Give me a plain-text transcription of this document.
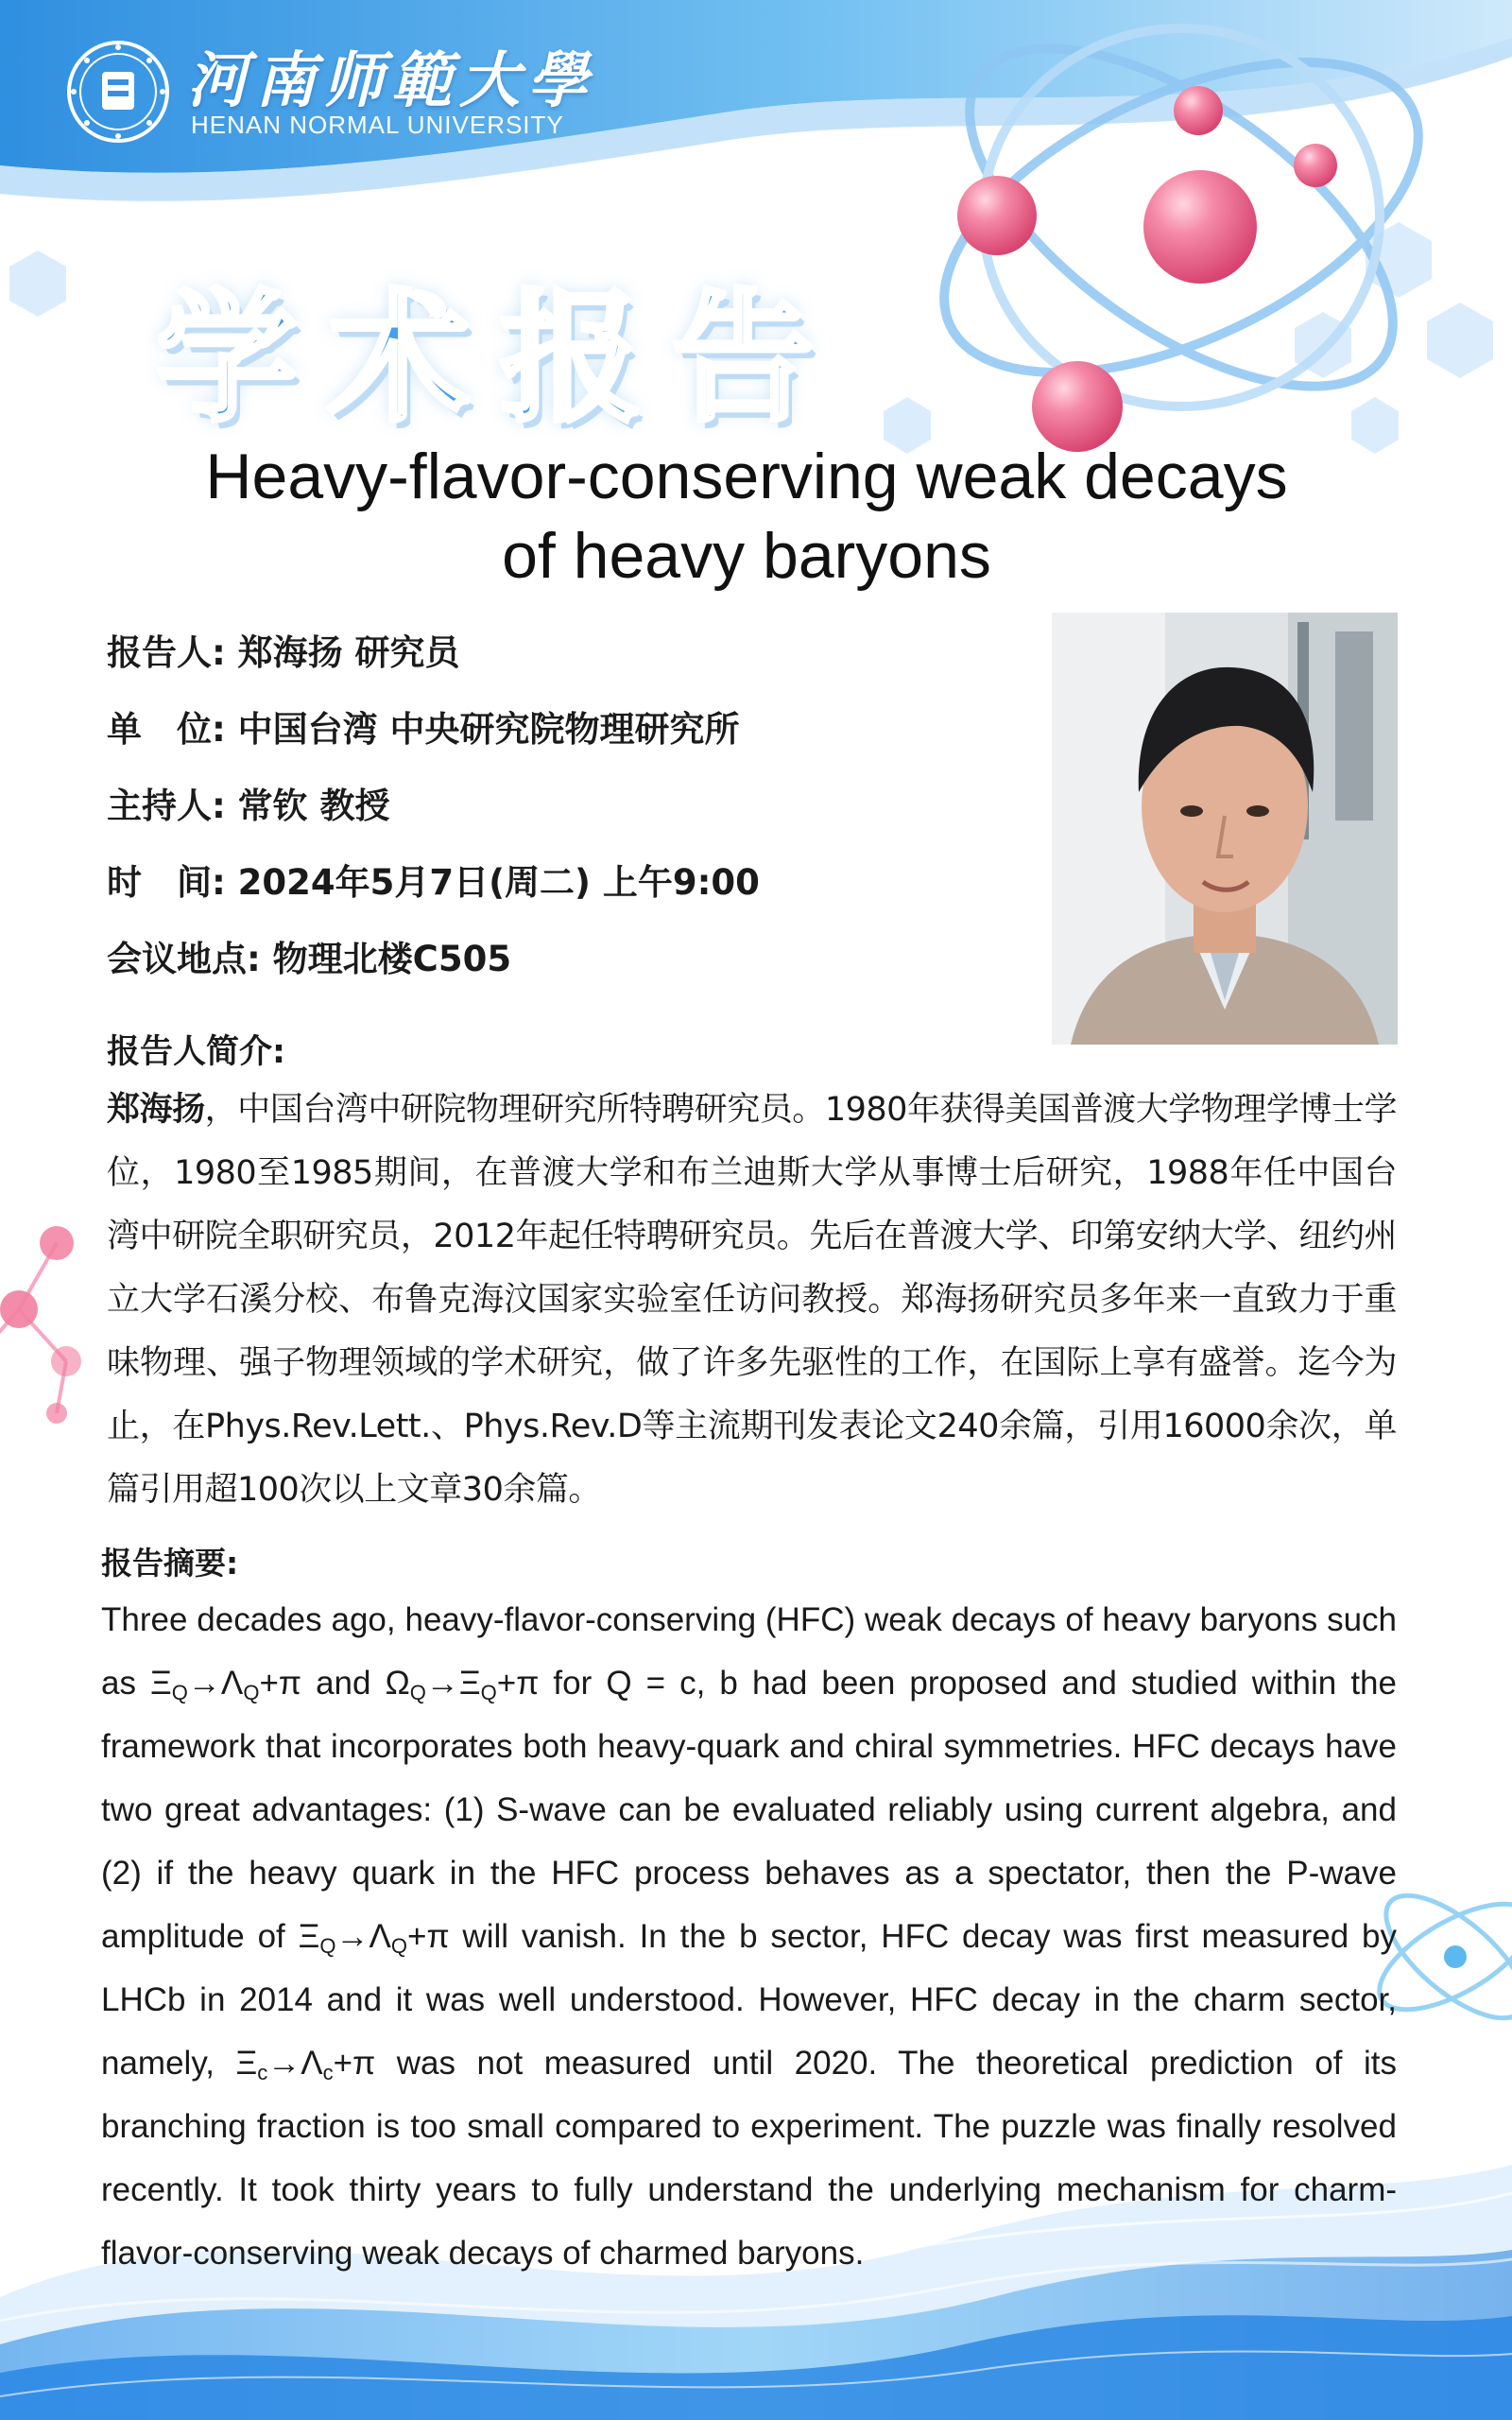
河南师範大學
HENAN NORMAL UNIVERSITY
学术报告
Heavy-flavor-conserving weak decays
of heavy baryons
报告人: 郑海扬 研究员
单　位: 中国台湾 中央研究院物理研究所
主持人: 常钦 教授
时　间: 2024年5月7日(周二) 上午9:00
会议地点: 物理北楼C505
报告人简介:
郑海扬，中国台湾中研院物理研究所特聘研究员。1980年获得美国普渡大学物理学博士学位，1980至1985期间，在普渡大学和布兰迪斯大学从事博士后研究，1988年任中国台湾中研院全职研究员，2012年起任特聘研究员。先后在普渡大学、印第安纳大学、纽约州立大学石溪分校、布鲁克海汶国家实验室任访问教授。郑海扬研究员多年来一直致力于重味物理、强子物理领域的学术研究，做了许多先驱性的工作，在国际上享有盛誉。迄今为止，在Phys.Rev.Lett.、Phys.Rev.D等主流期刊发表论文240余篇，引用16000余次，单篇引用超100次以上文章30余篇。
报告摘要:
Three decades ago, heavy-flavor-conserving (HFC) weak decays of heavy baryons such as $\Xi_Q\to\Lambda_Q+\pi$ and $\Omega_Q\to\Xi_Q+\pi$ for Q = c, b had been proposed and studied within the framework that incorporates both heavy-quark and chiral symmetries. HFC decays have two great advantages: (1) S-wave can be evaluated reliably using current algebra, and (2) if the heavy quark in the HFC process behaves as a spectator, then the P-wave amplitude of $\Xi_Q\to\Lambda_Q+\pi$ will vanish. In the b sector, HFC decay was first measured by LHCb in 2014 and it was well understood. However, HFC decay in the charm sector, namely, $\Xi_c\to\Lambda_c+\pi$ was not measured until 2020. The theoretical prediction of its branching fraction is too small compared to experiment. The puzzle was finally resolved recently. It took thirty years to fully understand the underlying mechanism for charm-flavor-conserving weak decays of charmed baryons.
